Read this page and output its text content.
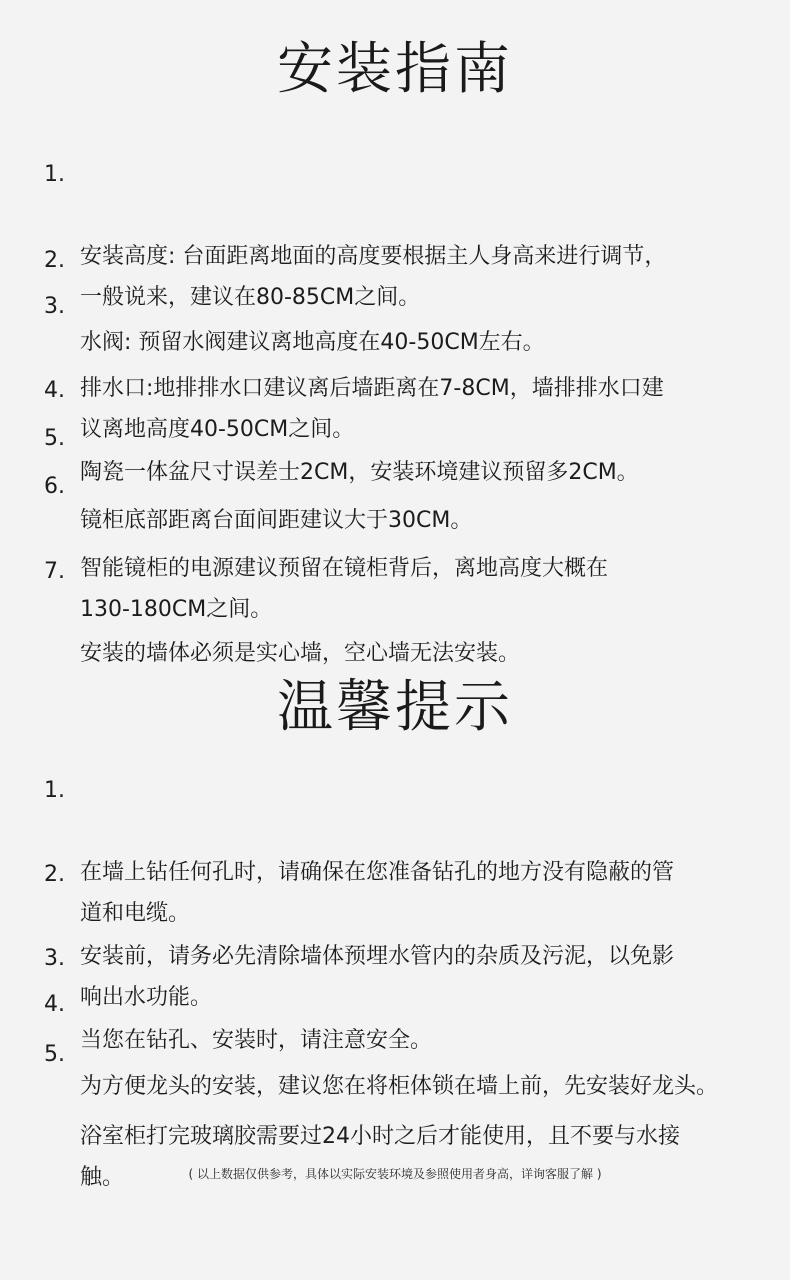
安装指南
1.

安装高度: 台面距离地面的高度要根据主人身高来进行调节，
一般说来，建议在80-85CM之间。

2.

水阀: 预留水阀建议离地高度在40-50CM左右。

3.

排水口:地排排水口建议离后墙距离在7-8CM，墙排排水口建
议离地高度40-50CM之间。

4.

陶瓷一体盆尺寸误差士2CM，安装环境建议预留多2CM。

5.

镜柜底部距离台面间距建议大于30CM。

6.

智能镜柜的电源建议预留在镜柜背后，离地高度大概在
130-180CM之间。

7.

安装的墙体必须是实心墙，空心墙无法安装。

温馨提示
1.

在墙上钻任何孔时，请确保在您准备钻孔的地方没有隐蔽的管
道和电缆。

2.

安装前，请务必先清除墙体预埋水管内的杂质及污泥，以免影
响出水功能。

3.

当您在钻孔、安装时，请注意安全。

4.

为方便龙头的安装，建议您在将柜体锁在墙上前，先安装好龙头。

5.

浴室柜打完玻璃胶需要过24小时之后才能使用，且不要与水接
触。

	( 以上数据仅供参考，具体以实际安装环境及参照使用者身高，详询客服了解 )
